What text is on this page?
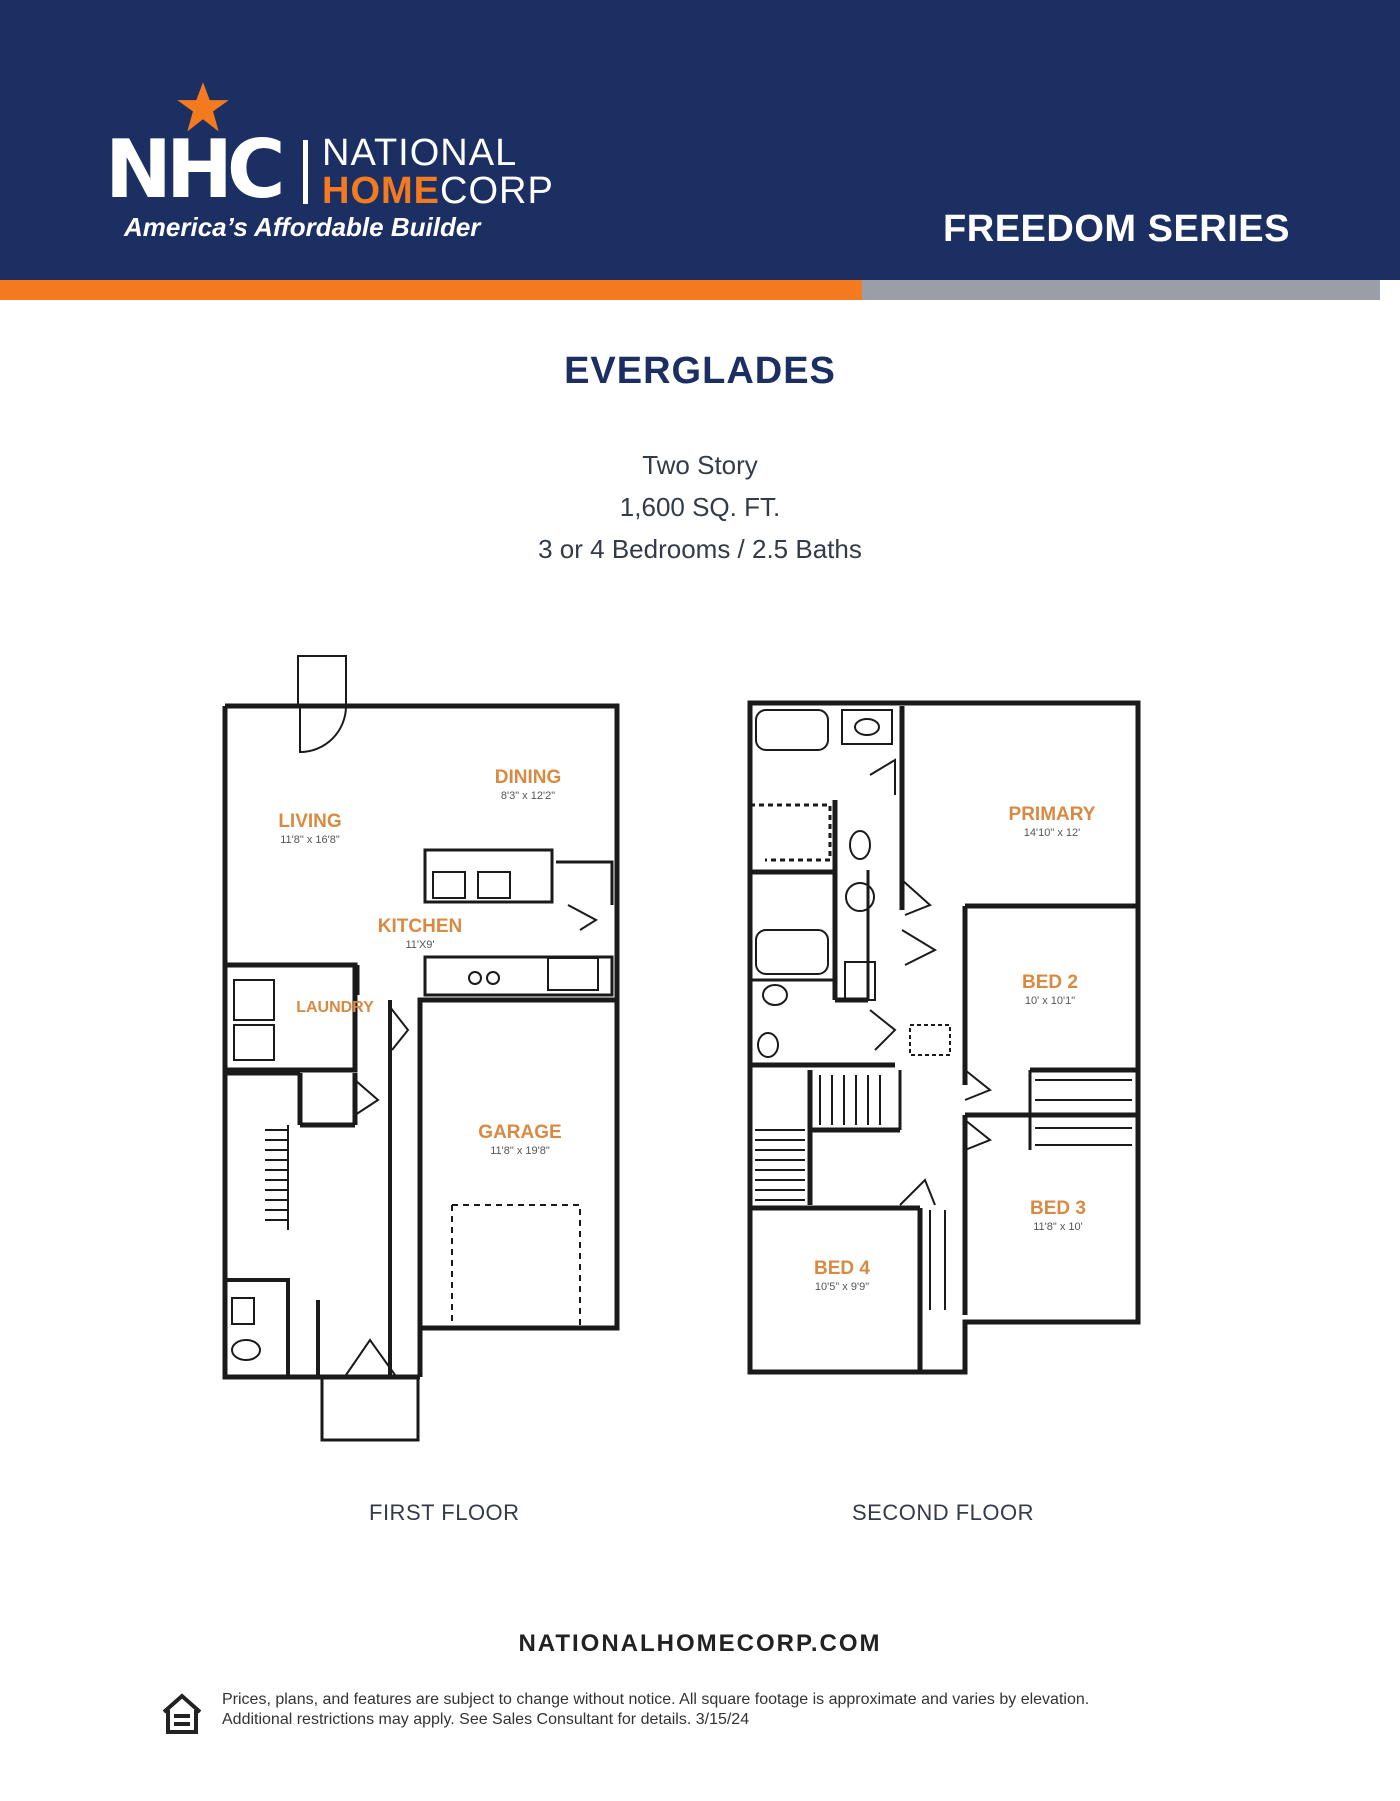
NHC NATIONAL
HOMECORP
America’s Affordable Builder	FREEDOM SERIES
EVERGLADES
Two Story
1,600 SQ. FT.
3 or 4 Bedrooms / 2.5 Baths
LIVING
11'8" x 16'8"
DINING
8'3" x 12'2"
KITCHEN
11'X9'
LAUNDRY
GARAGE
11'8" x 19'8"
PRIMARY
14'10" x 12'
BED 2
10' x 10'1"
BED 3
11'8" x 10'
BED 4
10'5" x 9'9"
FIRST FLOOR	SECOND FLOOR
NATIONALHOMECORP.COM
Prices, plans, and features are subject to change without notice. All square footage is approximate and varies by elevation.
Additional restrictions may apply. See Sales Consultant for details. 3/15/24
